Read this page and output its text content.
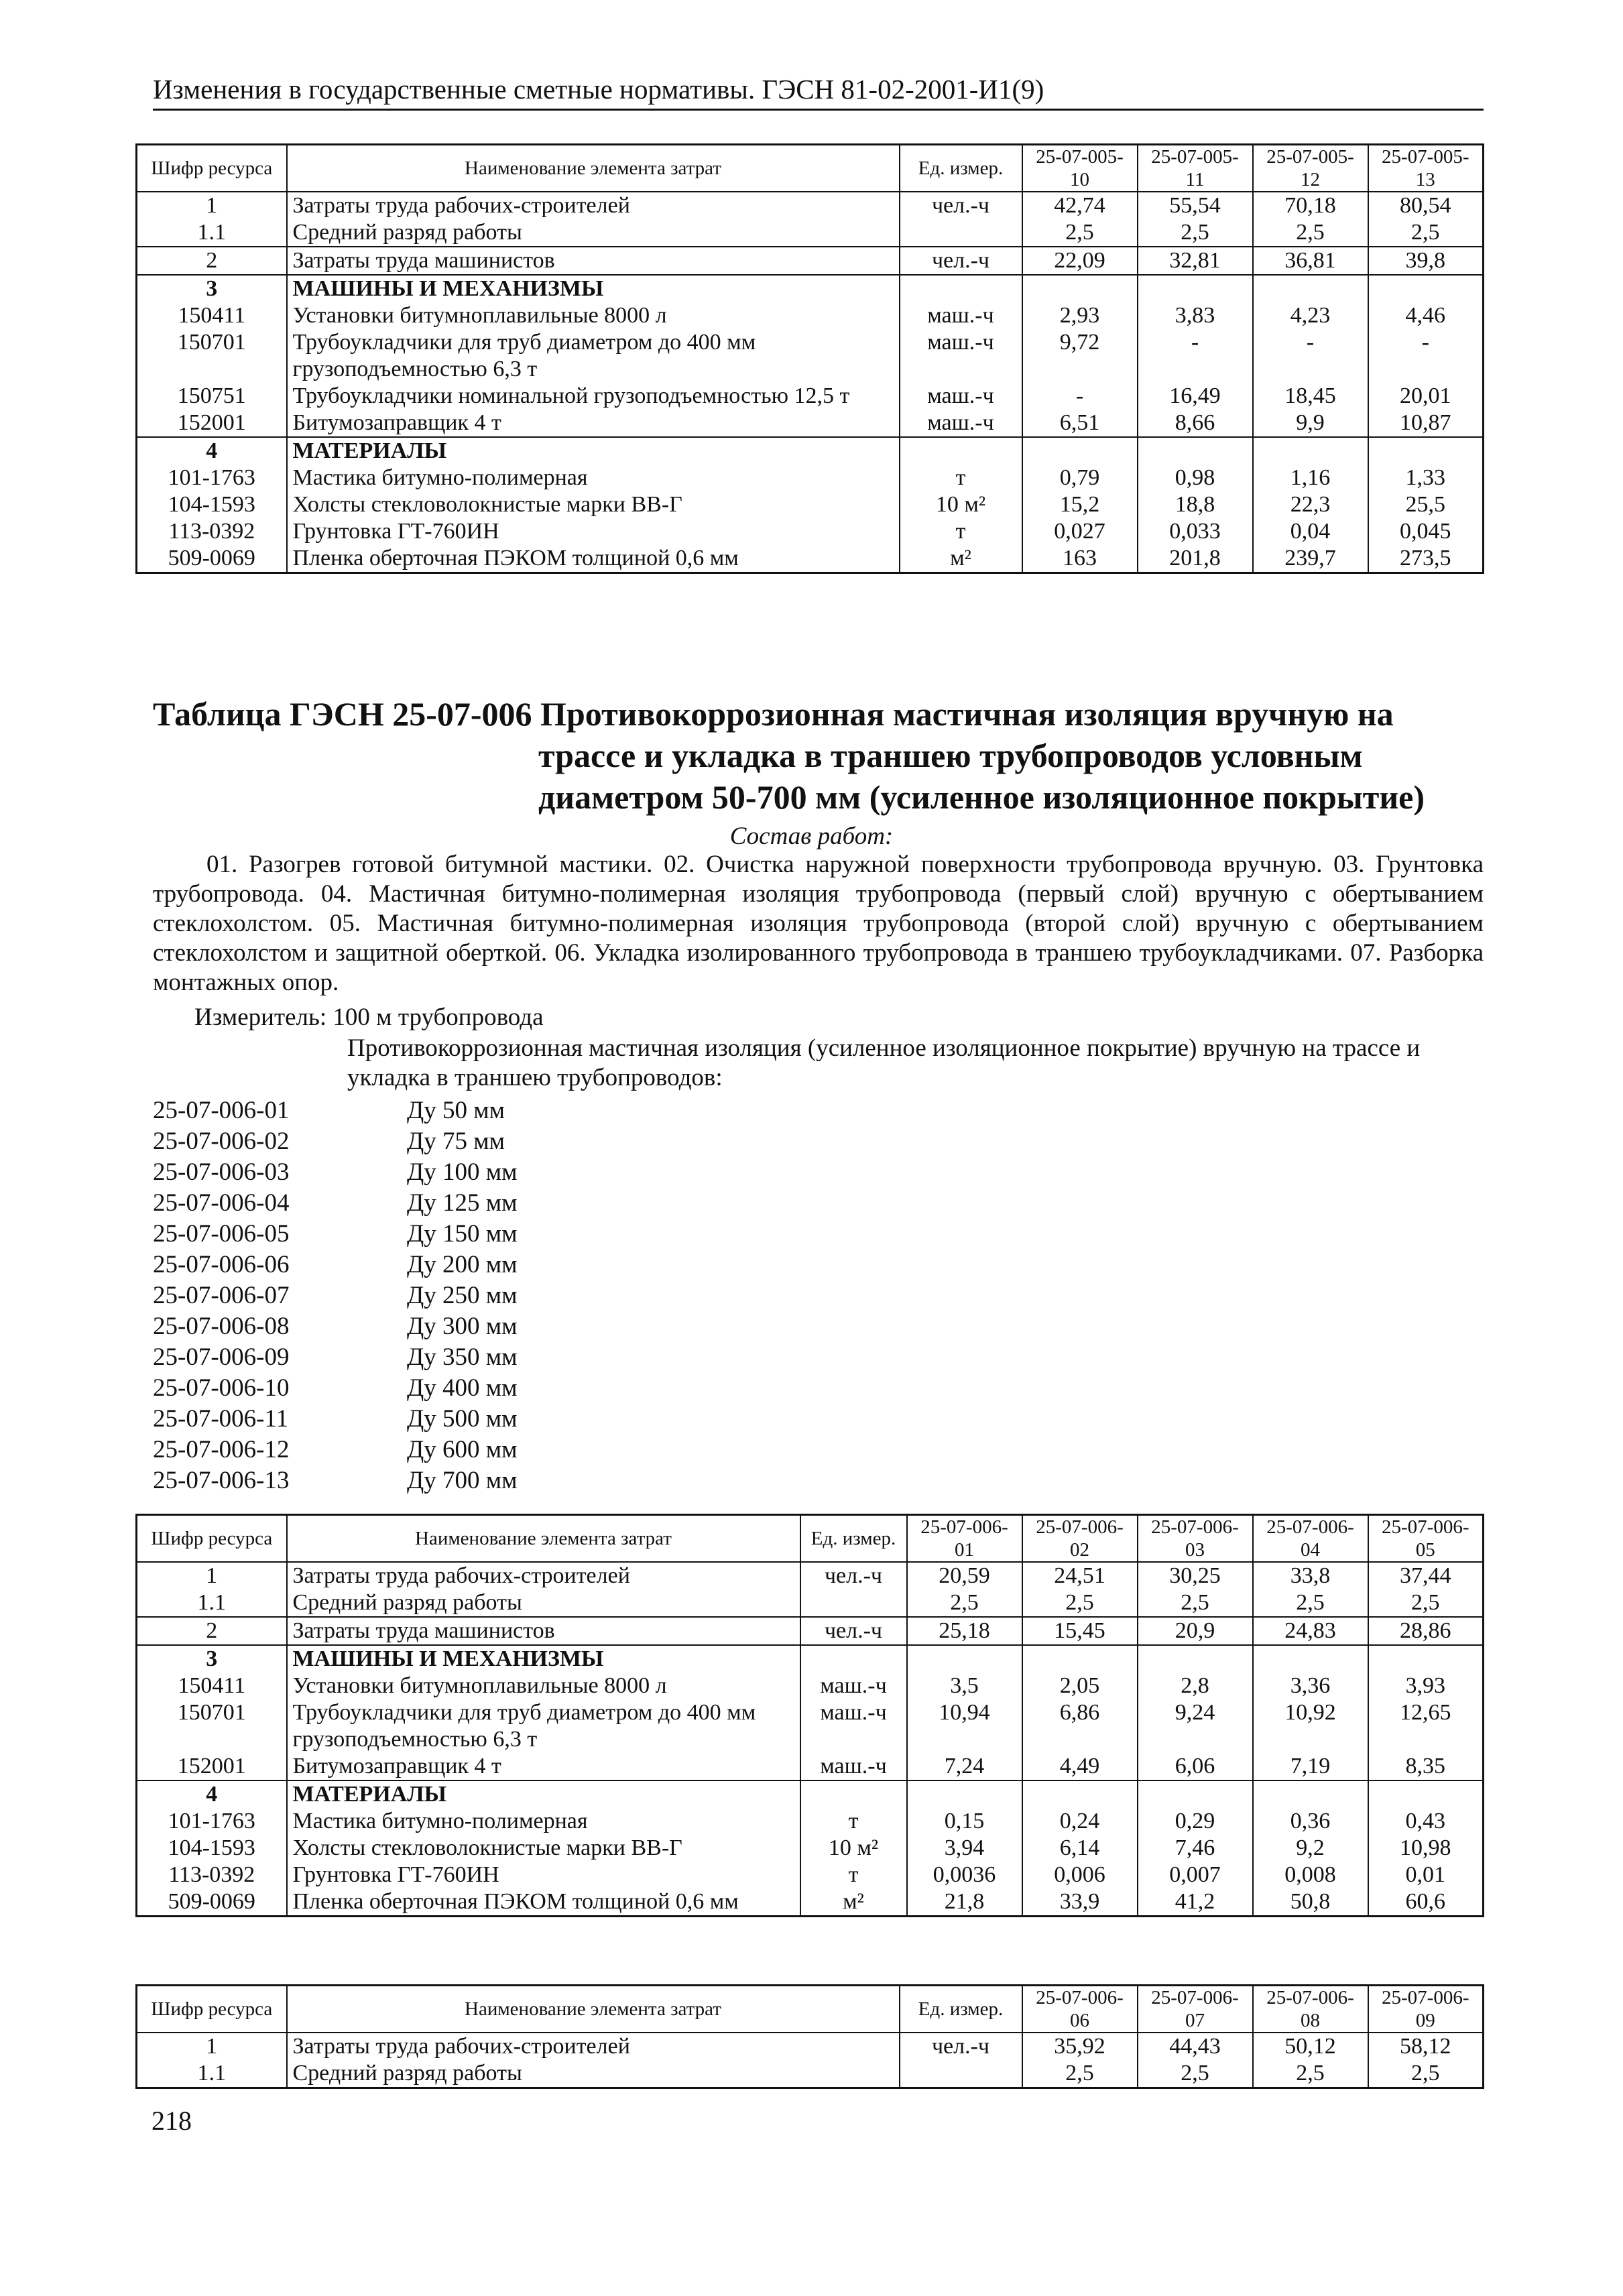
Изменения в государственные сметные нормативы. ГЭСН 81-02-2001-И1(9)
Шифр ресурса	Наименование элемента затрат	Ед. измер.	25-07-005-10	25-07-005-11	25-07-005-12	25-07-005-13
1	Затраты труда рабочих-строителей	чел.-ч	42,74	55,54	70,18	80,54
1.1	Средний разряд работы		2,5	2,5	2,5	2,5
2	Затраты труда машинистов	чел.-ч	22,09	32,81	36,81	39,8
3	МАШИНЫ И МЕХАНИЗМЫ					
150411	Установки битумноплавильные 8000 л	маш.-ч	2,93	3,83	4,23	4,46
150701	Трубоукладчики для труб диаметром до 400 мм грузоподъемностью 6,3 т	маш.-ч	9,72	-	-	-
150751	Трубоукладчики номинальной грузоподъемностью 12,5 т	маш.-ч	-	16,49	18,45	20,01
152001	Битумозаправщик 4 т	маш.-ч	6,51	8,66	9,9	10,87
4	МАТЕРИАЛЫ					
101-1763	Мастика битумно-полимерная	т	0,79	0,98	1,16	1,33
104-1593	Холсты стекловолокнистые марки ВВ-Г	10 м²	15,2	18,8	22,3	25,5
113-0392	Грунтовка ГТ-760ИН	т	0,027	0,033	0,04	0,045
509-0069	Пленка оберточная ПЭКОМ толщиной 0,6 мм	м²	163	201,8	239,7	273,5
Таблица ГЭСН 25-07-006 Противокоррозионная мастичная изоляция вручную на
трассе и укладка в траншею трубопроводов условным
диаметром 50-700 мм (усиленное изоляционное покрытие)
Состав работ:
01. Разогрев готовой битумной мастики. 02. Очистка наружной поверхности трубопровода вручную. 03. Грунтовка трубопровода. 04. Мастичная битумно-полимерная изоляция трубопровода (первый слой) вручную с обертыванием стеклохолстом. 05. Мастичная битумно-полимерная изоляция трубопровода (второй слой) вручную с обертыванием стеклохолстом и защитной оберткой. 06. Укладка изолированного трубопровода в траншею трубоукладчиками. 07. Разборка монтажных опор.
Измеритель: 100 м трубопровода
Противокоррозионная мастичная изоляция (усиленное изоляционное покрытие) вручную на трассе и укладка в траншею трубопроводов:
25-07-006-01	Ду 50 мм
25-07-006-02	Ду 75 мм
25-07-006-03	Ду 100 мм
25-07-006-04	Ду 125 мм
25-07-006-05	Ду 150 мм
25-07-006-06	Ду 200 мм
25-07-006-07	Ду 250 мм
25-07-006-08	Ду 300 мм
25-07-006-09	Ду 350 мм
25-07-006-10	Ду 400 мм
25-07-006-11	Ду 500 мм
25-07-006-12	Ду 600 мм
25-07-006-13	Ду 700 мм
Шифр ресурса	Наименование элемента затрат	Ед. измер.	25-07-006-01	25-07-006-02	25-07-006-03	25-07-006-04	25-07-006-05
1	Затраты труда рабочих-строителей	чел.-ч	20,59	24,51	30,25	33,8	37,44
1.1	Средний разряд работы		2,5	2,5	2,5	2,5	2,5
2	Затраты труда машинистов	чел.-ч	25,18	15,45	20,9	24,83	28,86
3	МАШИНЫ И МЕХАНИЗМЫ						
150411	Установки битумноплавильные 8000 л	маш.-ч	3,5	2,05	2,8	3,36	3,93
150701	Трубоукладчики для труб диаметром до 400 мм грузоподъемностью 6,3 т	маш.-ч	10,94	6,86	9,24	10,92	12,65
152001	Битумозаправщик 4 т	маш.-ч	7,24	4,49	6,06	7,19	8,35
4	МАТЕРИАЛЫ						
101-1763	Мастика битумно-полимерная	т	0,15	0,24	0,29	0,36	0,43
104-1593	Холсты стекловолокнистые марки ВВ-Г	10 м²	3,94	6,14	7,46	9,2	10,98
113-0392	Грунтовка ГТ-760ИН	т	0,0036	0,006	0,007	0,008	0,01
509-0069	Пленка оберточная ПЭКОМ толщиной 0,6 мм	м²	21,8	33,9	41,2	50,8	60,6
Шифр ресурса	Наименование элемента затрат	Ед. измер.	25-07-006-06	25-07-006-07	25-07-006-08	25-07-006-09
1	Затраты труда рабочих-строителей	чел.-ч	35,92	44,43	50,12	58,12
1.1	Средний разряд работы		2,5	2,5	2,5	2,5
218
